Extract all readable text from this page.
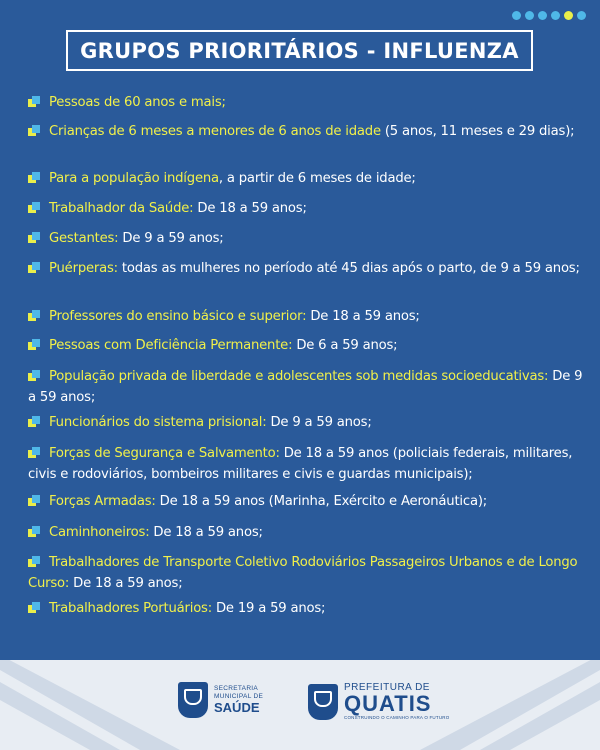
GRUPOS PRIORITÁRIOS - INFLUENZA
Pessoas de 60 anos e mais;
Crianças de 6 meses a menores de 6 anos de idade (5 anos, 11 meses e 29 dias);
Para a população indígena, a partir de 6 meses de idade;
Trabalhador da Saúde: De 18 a 59 anos;
Gestantes: De 9 a 59 anos;
Puérperas: todas as mulheres no período até 45 dias após o parto, de 9 a 59 anos;
Professores do ensino básico e superior: De 18 a 59 anos;
Pessoas com Deficiência Permanente: De 6 a 59 anos;
População privada de liberdade e adolescentes sob medidas socioeducativas: De 9 a 59 anos;
Funcionários do sistema prisional: De 9 a 59 anos;
Forças de Segurança e Salvamento: De 18 a 59 anos (policiais federais, militares, civis e rodoviários, bombeiros militares e civis e guardas municipais);
Forças Armadas: De 18 a 59 anos (Marinha, Exército e Aeronáutica);
Caminhoneiros: De 18 a 59 anos;
Trabalhadores de Transporte Coletivo Rodoviários Passageiros Urbanos e de Longo Curso: De 18 a 59 anos;
Trabalhadores Portuários: De 19 a 59 anos;
SECRETARIA
MUNICIPAL DE
SAÚDE
PREFEITURA DE
QUATIS
CONSTRUINDO O CAMINHO PARA O FUTURO
